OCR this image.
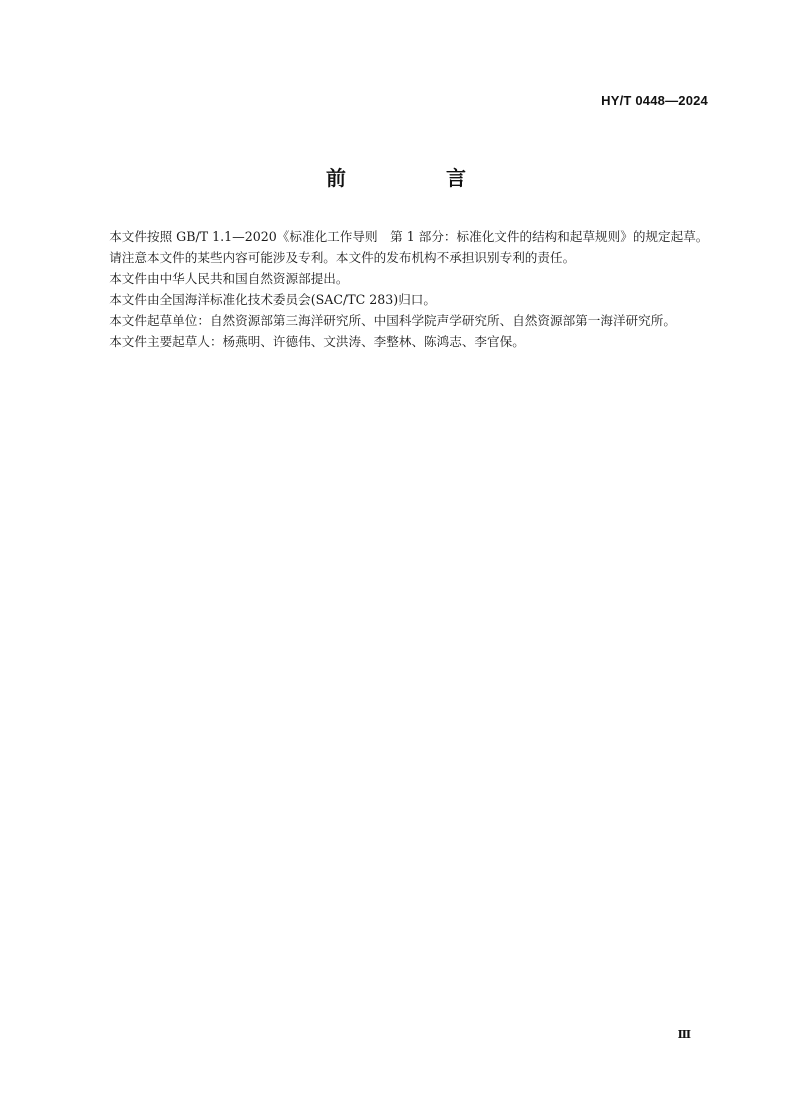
HY/T 0448—2024
前　言

本文件按照 GB/T 1.1—2020《标准化工作导则　第 1 部分：标准化文件的结构和起草规则》的规定起草。

请注意本文件的某些内容可能涉及专利。本文件的发布机构不承担识别专利的责任。

本文件由中华人民共和国自然资源部提出。

本文件由全国海洋标准化技术委员会(SAC/TC 283)归口。

本文件起草单位：自然资源部第三海洋研究所、中国科学院声学研究所、自然资源部第一海洋研究所。

本文件主要起草人：杨燕明、许德伟、文洪涛、李整林、陈鸿志、李官保。

Ⅲ
